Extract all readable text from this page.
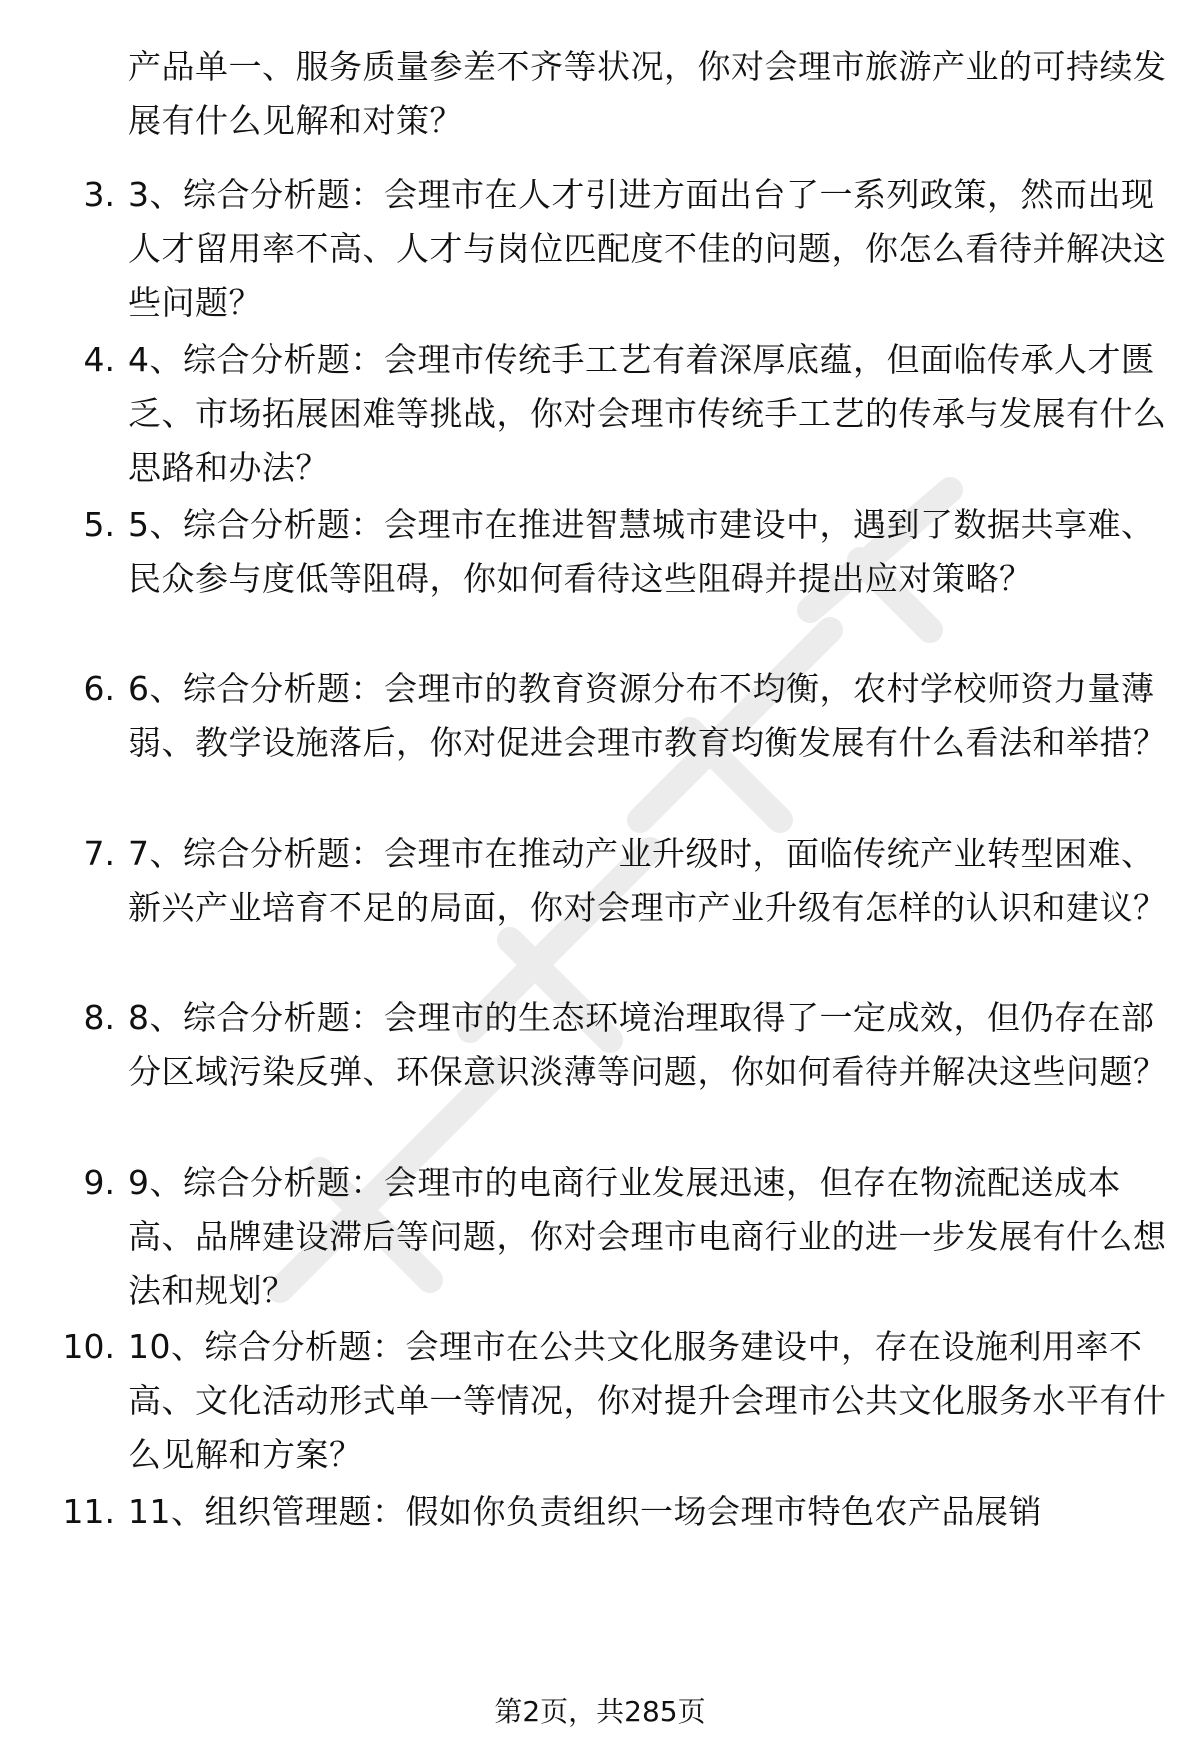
产品单一、服务质量参差不齐等状况，你对会理市旅游产业的可持续发展有什么见解和对策？
3. 3、综合分析题：会理市在人才引进方面出台了一系列政策，然而出现人才留用率不高、人才与岗位匹配度不佳的问题，你怎么看待并解决这些问题？
4. 4、综合分析题：会理市传统手工艺有着深厚底蕴，但面临传承人才匮乏、市场拓展困难等挑战，你对会理市传统手工艺的传承与发展有什么思路和办法？
5. 5、综合分析题：会理市在推进智慧城市建设中，遇到了数据共享难、民众参与度低等阻碍，你如何看待这些阻碍并提出应对策略？
6. 6、综合分析题：会理市的教育资源分布不均衡，农村学校师资力量薄弱、教学设施落后，你对促进会理市教育均衡发展有什么看法和举措？
7. 7、综合分析题：会理市在推动产业升级时，面临传统产业转型困难、新兴产业培育不足的局面，你对会理市产业升级有怎样的认识和建议？
8. 8、综合分析题：会理市的生态环境治理取得了一定成效，但仍存在部分区域污染反弹、环保意识淡薄等问题，你如何看待并解决这些问题？
9. 9、综合分析题：会理市的电商行业发展迅速，但存在物流配送成本高、品牌建设滞后等问题，你对会理市电商行业的进一步发展有什么想法和规划？
10. 10、综合分析题：会理市在公共文化服务建设中，存在设施利用率不高、文化活动形式单一等情况，你对提升会理市公共文化服务水平有什么见解和方案？
11. 11、组织管理题：假如你负责组织一场会理市特色农产品展销
第2页，共285页
